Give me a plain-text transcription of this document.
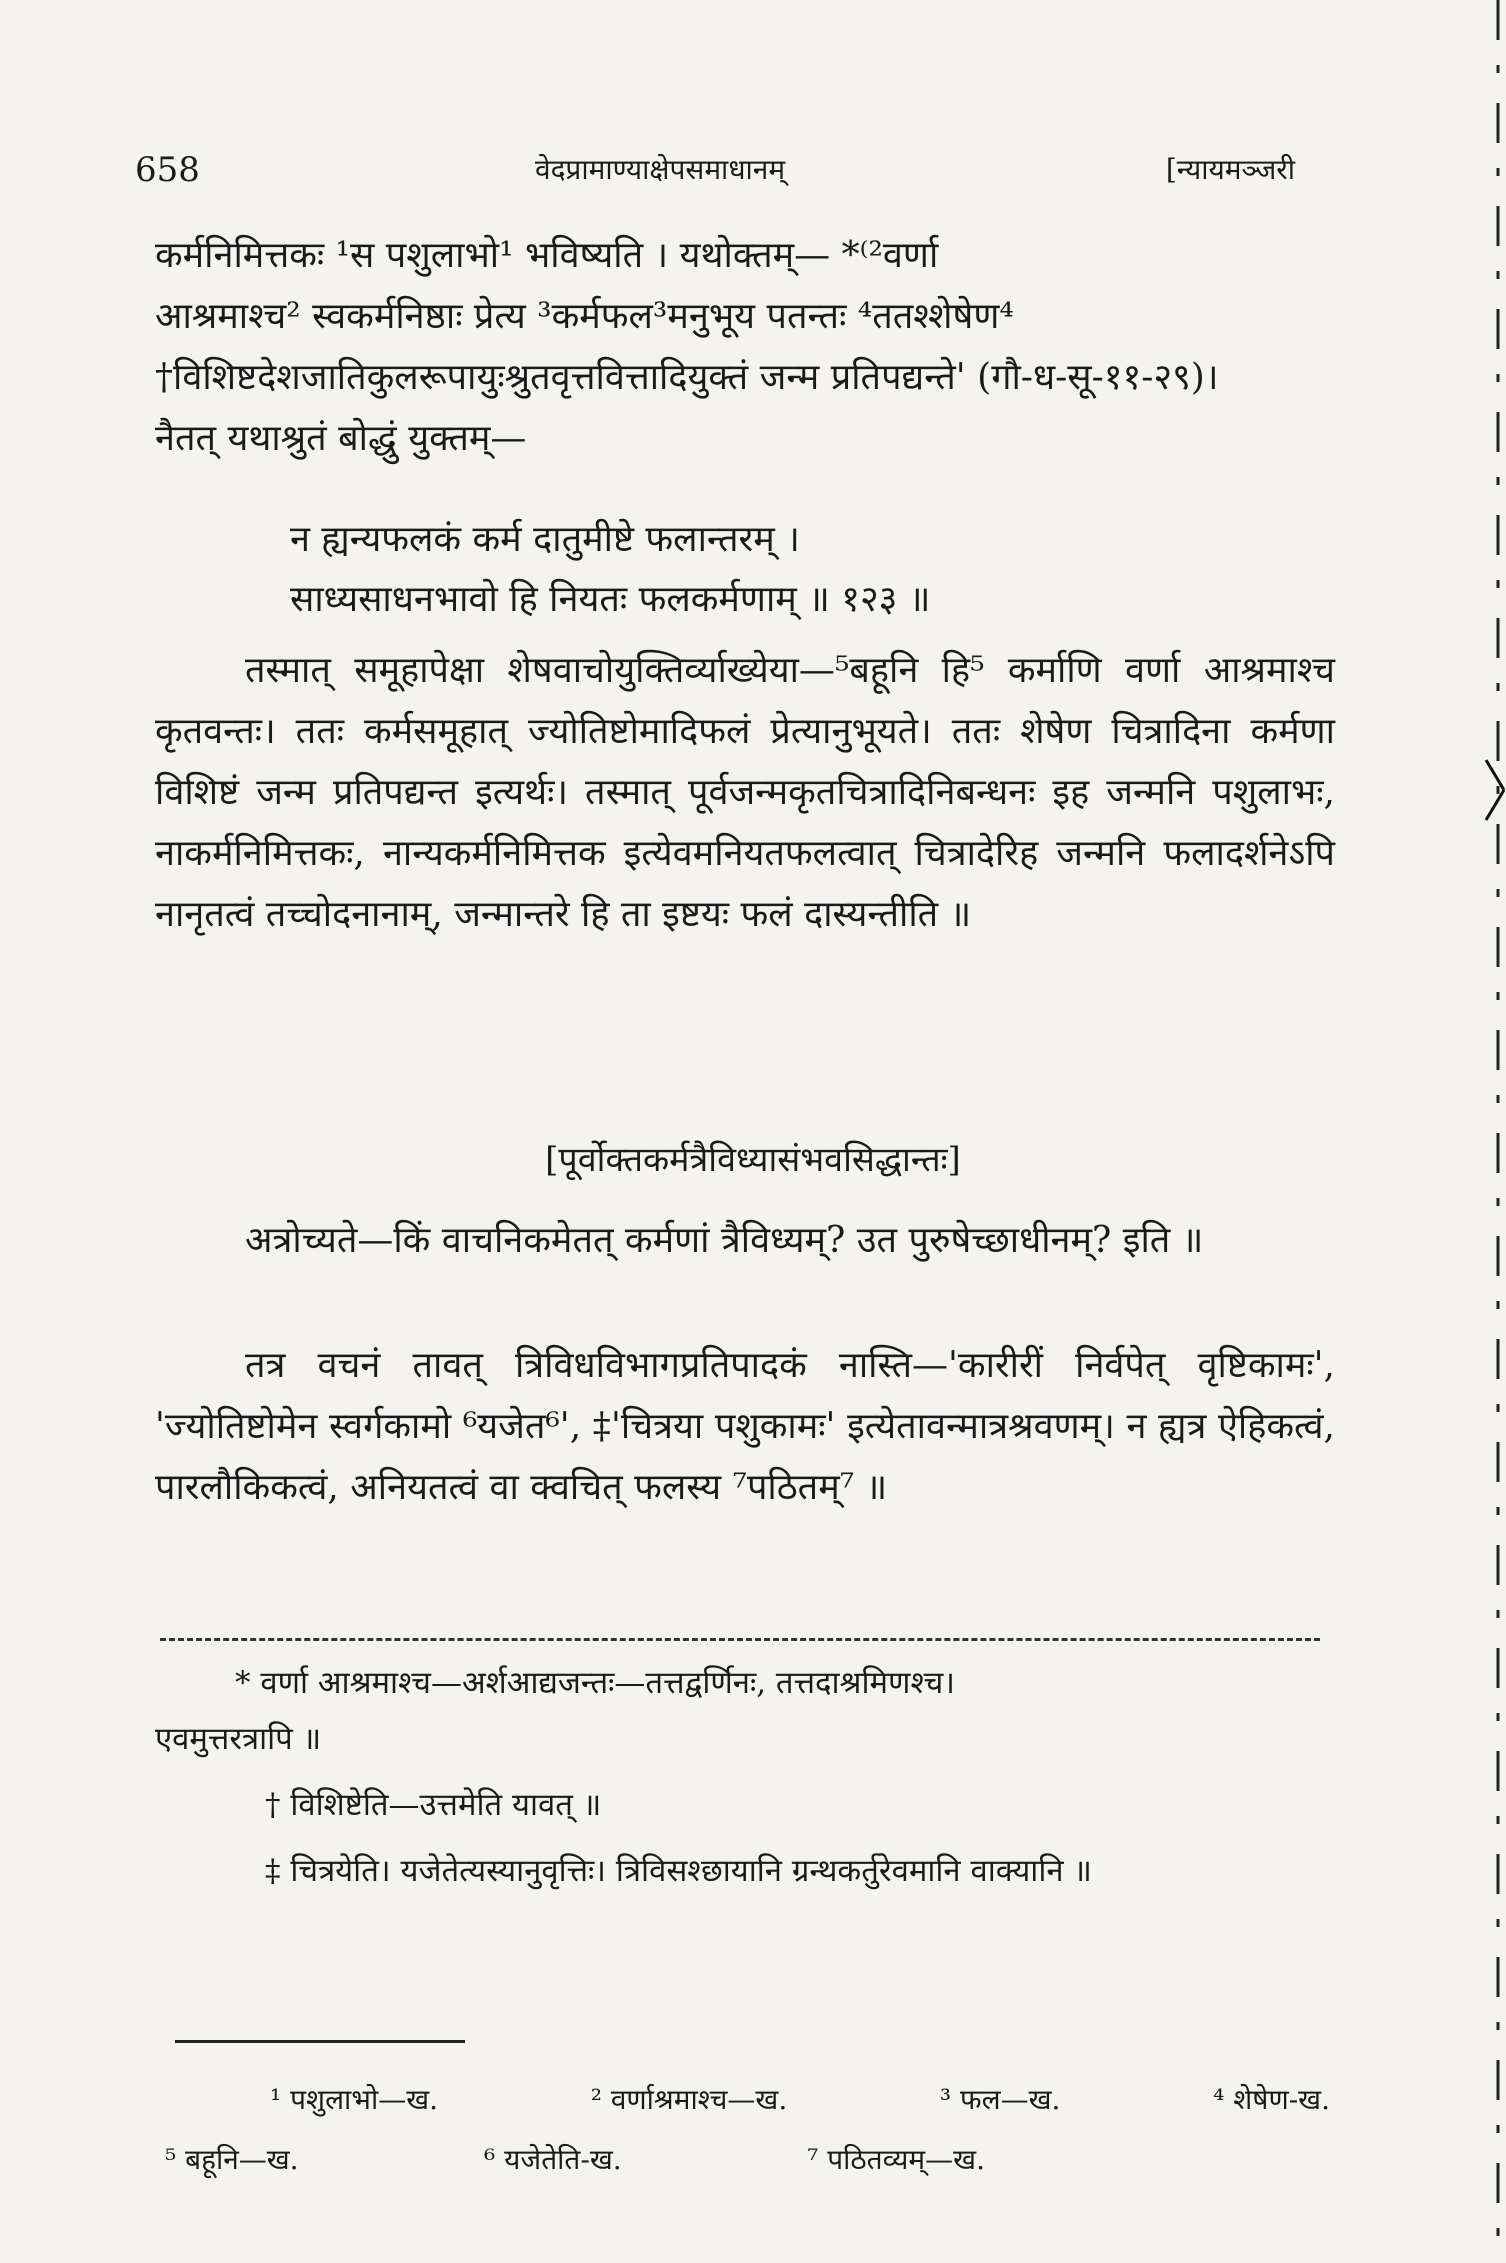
658	वेदप्रामाण्याक्षेपसमाधानम्	[न्यायमञ्जरी
कर्मनिमित्तकः ¹स पशुलाभो¹ भविष्यति । यथोक्तम्— *⁽²वर्णा
आश्रमाश्च² स्वकर्मनिष्ठाः प्रेत्य ³कर्मफल³मनुभूय पतन्तः ⁴ततश्शेषेण⁴
†विशिष्टदेशजातिकुलरूपायुःश्रुतवृत्तवित्तादियुक्तं जन्म प्रतिपद्यन्ते' (गौ-ध-सू-११-२९)।
नैतत् यथाश्रुतं बोद्धुं युक्तम्—
न ह्यन्यफलकं कर्म दातुमीष्टे फलान्तरम् ।
साध्यसाधनभावो हि नियतः फलकर्मणाम् ॥ १२३ ॥
तस्मात् समूहापेक्षा शेषवाचोयुक्तिर्व्याख्येया—⁵बहूनि हि⁵ कर्माणि वर्णा आश्रमाश्च कृतवन्तः। ततः कर्मसमूहात् ज्योतिष्टोमादिफलं प्रेत्यानुभूयते। ततः शेषेण चित्रादिना कर्मणा विशिष्टं जन्म प्रतिपद्यन्त इत्यर्थः। तस्मात् पूर्वजन्मकृतचित्रादिनिबन्धनः इह जन्मनि पशुलाभः, नाकर्मनिमित्तकः, नान्यकर्मनिमित्तक इत्येवमनियतफलत्वात् चित्रादेरिह जन्मनि फलादर्शनेऽपि नानृतत्वं तच्चोदनानाम्, जन्मान्तरे हि ता इष्टयः फलं दास्यन्तीति ॥
[पूर्वोक्तकर्मत्रैविध्यासंभवसिद्धान्तः]
अत्रोच्यते—किं वाचनिकमेतत् कर्मणां त्रैविध्यम्? उत पुरुषेच्छाधीनम्? इति ॥
तत्र वचनं तावत् त्रिविधविभागप्रतिपादकं नास्ति—'कारीरीं निर्वपेत् वृष्टिकामः', 'ज्योतिष्टोमेन स्वर्गकामो ⁶यजेत⁶', ‡'चित्रया पशुकामः' इत्येतावन्मात्रश्रवणम्। न ह्यत्र ऐहिकत्वं, पारलौकिकत्वं, अनियतत्वं वा क्वचित् फलस्य ⁷पठितम्⁷ ॥
* वर्णा आश्रमाश्च—अर्शआद्यजन्तः—तत्तद्वर्णिनः, तत्तदाश्रमिणश्च।
एवमुत्तरत्रापि ॥
† विशिष्टेति—उत्तमेति यावत् ॥
‡ चित्रयेति। यजेतेत्यस्यानुवृत्तिः। त्रिविसश्छायानि ग्रन्थकर्तुरेवमानि वाक्यानि ॥
¹ पशुलाभो—ख.	² वर्णाश्रमाश्च—ख.	³ फल—ख.	⁴ शेषेण-ख.
⁵ बहूनि—ख.	⁶ यजेतेति-ख.	⁷ पठितव्यम्—ख.
